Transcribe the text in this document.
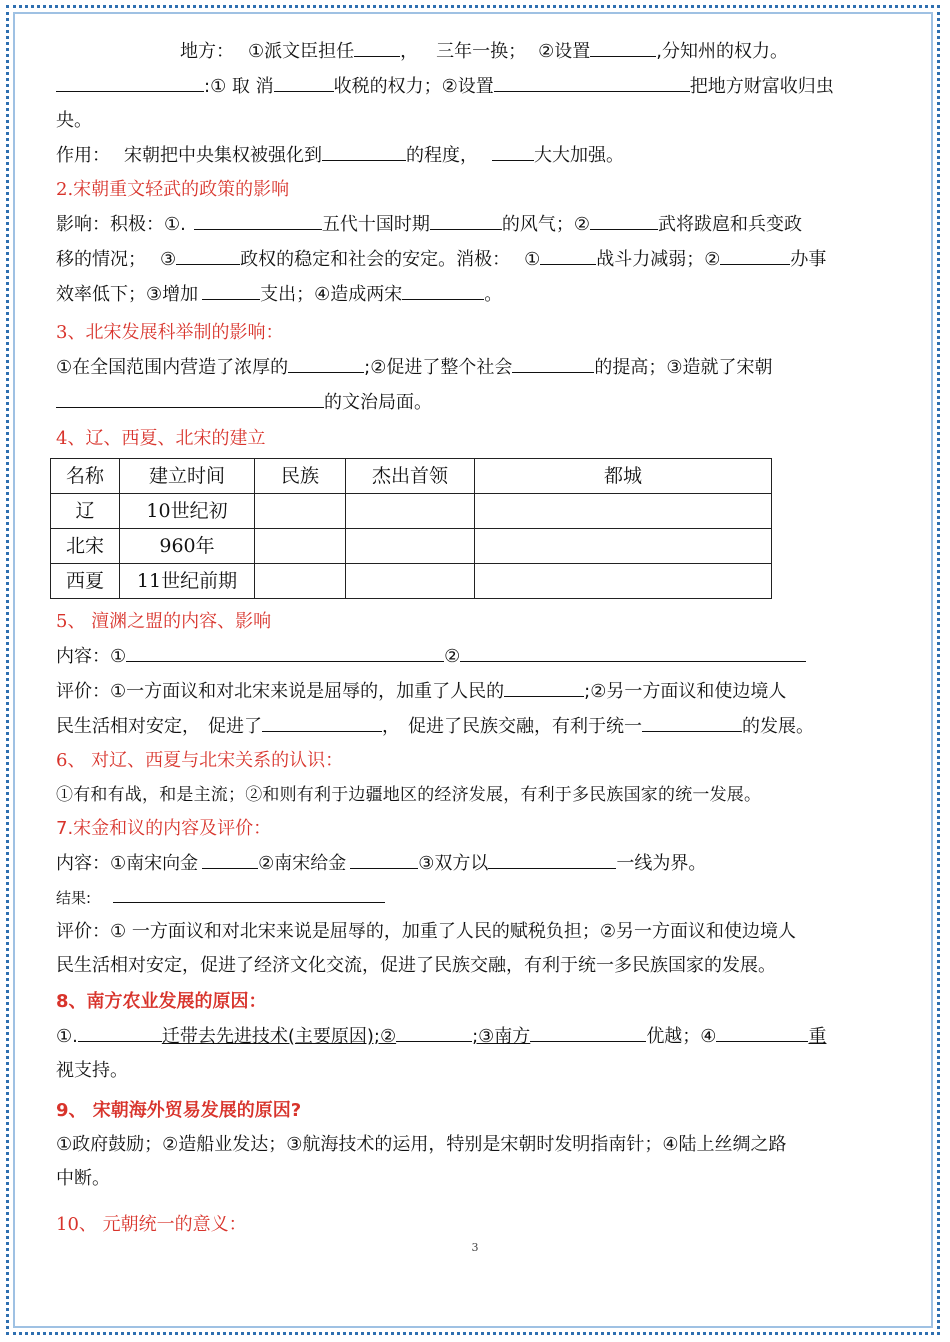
地方： ①派文臣担任	， 三年一换； ②设置	,分知州的权力。

:① 取 消	收税的权力；②设置	把地方财富收归虫

央。

作用： 宋朝把中央集权被强化到	的程度，	大大加强。

2.宋朝重文轻武的政策的影响

影响：积极：①.	五代十国时期	的风气；②	武将跋扈和兵变政

移的情况； ③	政权的稳定和社会的安定。消极： ①	战斗力减弱；②	办事

效率低下；③增加	支出；④造成两宋	。

3、北宋发展科举制的影响：

①在全国范围内营造了浓厚的	;②促进了整个社会	的提高；③造就了宋朝

的文治局面。

4、辽、西夏、北宋的建立

名称	建立时间	民族	杰出首领	都城
辽	10世纪初			
北宋	960年			
西夏	11世纪前期			

5、 澶渊之盟的内容、影响

内容：①	②

评价：①一方面议和对北宋来说是屈辱的，加重了人民的	;②另一方面议和使边境人

民生活相对安定， 促进了	， 促进了民族交融，有利于统一	的发展。

6、 对辽、西夏与北宋关系的认识：

①有和有战，和是主流；②和则有利于边疆地区的经济发展，有利于多民族国家的统一发展。

7.宋金和议的内容及评价：

内容：①南宋向金	②南宋给金	③双方以	一线为界。

结果:

评价：① 一方面议和对北宋来说是屈辱的，加重了人民的赋税负担；②另一方面议和使边境人

民生活相对安定，促进了经济文化交流，促进了民族交融，有利于统一多民族国家的发展。

8、南方农业发展的原因：

①.	迁带去先进技术(主要原因);②	;③南方	优越；④	重

视支持。

9、 宋朝海外贸易发展的原因?

①政府鼓励；②造船业发达；③航海技术的运用，特别是宋朝时发明指南针；④陆上丝绸之路

中断。

10、 元朝统一的意义：

3
